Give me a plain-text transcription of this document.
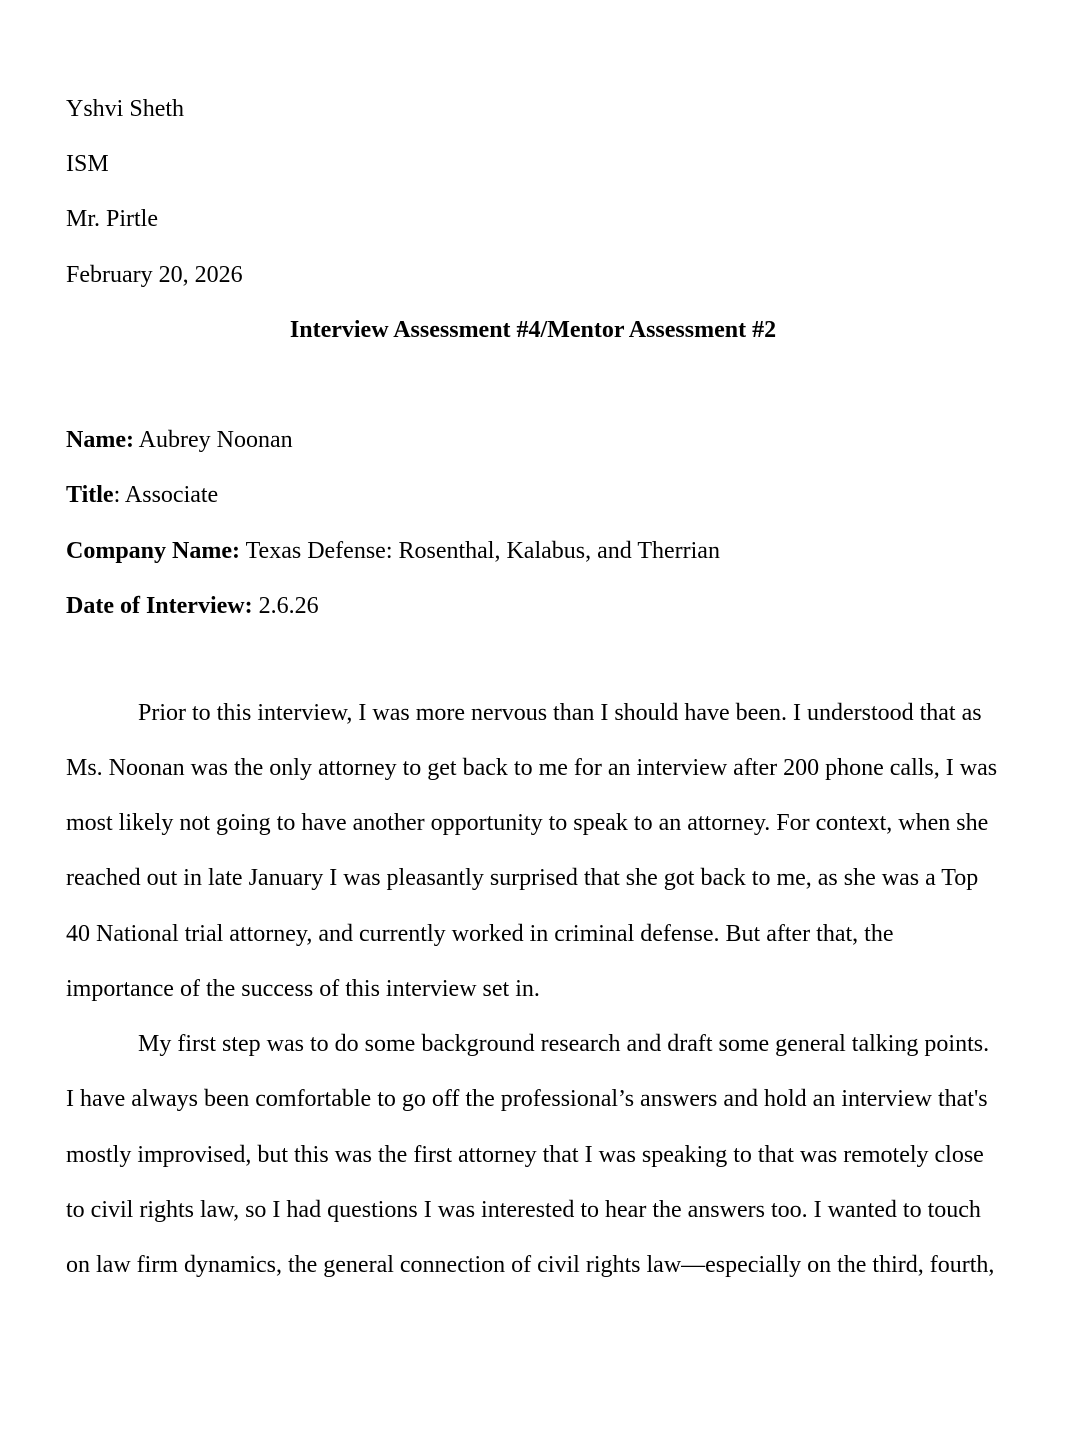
Yshvi Sheth
ISM
Mr. Pirtle
February 20, 2026
Interview Assessment #4/Mentor Assessment #2
Name: Aubrey Noonan
Title: Associate
Company Name: Texas Defense: Rosenthal, Kalabus, and Therrian
Date of Interview: 2.6.26

Prior to this interview, I was more nervous than I should have been. I understood that as Ms. Noonan was the only attorney to get back to me for an interview after 200 phone calls, I was most likely not going to have another opportunity to speak to an attorney. For context, when she reached out in late January I was pleasantly surprised that she got back to me, as she was a Top 40 National trial attorney, and currently worked in criminal defense. But after that, the importance of the success of this interview set in.

My first step was to do some background research and draft some general talking points. I have always been comfortable to go off the professional’s answers and hold an interview that's mostly improvised, but this was the first attorney that I was speaking to that was remotely close to civil rights law, so I had questions I was interested to hear the answers too. I wanted to touch on law firm dynamics, the general connection of civil rights law—especially on the third, fourth,
